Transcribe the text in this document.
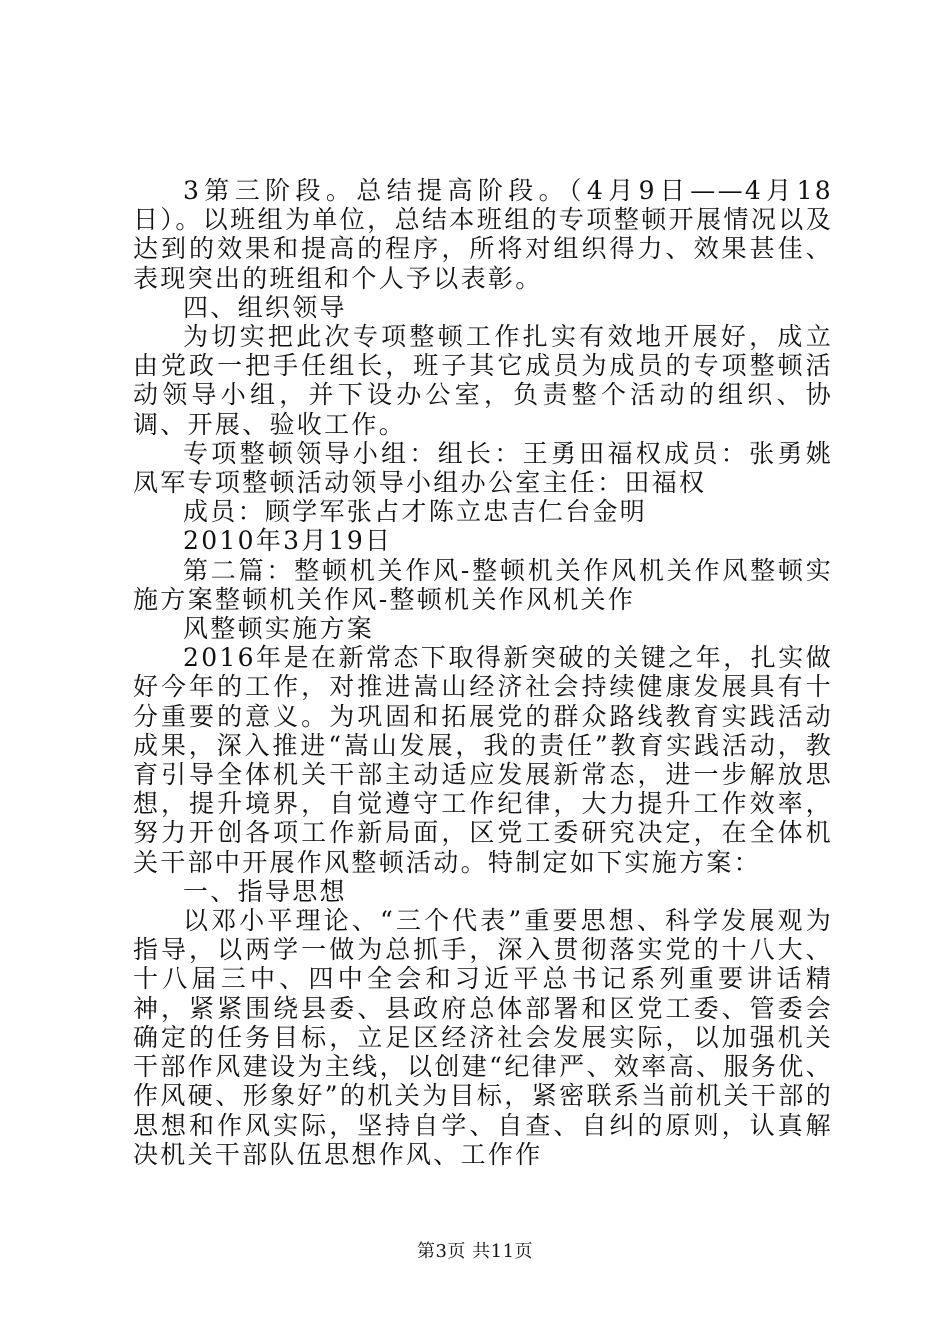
3第三阶段。总结提高阶段。（4月9日——4月18日）。以班组为单位，总结本班组的专项整顿开展情况以及达到的效果和提高的程序，所将对组织得力、效果甚佳、表现突出的班组和个人予以表彰。

四、组织领导

为切实把此次专项整顿工作扎实有效地开展好，成立由党政一把手任组长，班子其它成员为成员的专项整顿活动领导小组，并下设办公室，负责整个活动的组织、协调、开展、验收工作。

专项整顿领导小组：组长：王勇田福权成员：张勇姚凤军专项整顿活动领导小组办公室主任：田福权

成员：顾学军张占才陈立忠吉仁台金明

2010年3月19日

第二篇：整顿机关作风-整顿机关作风机关作风整顿实施方案整顿机关作风-整顿机关作风机关作

风整顿实施方案

2016年是在新常态下取得新突破的关键之年，扎实做好今年的工作，对推进嵩山经济社会持续健康发展具有十分重要的意义。为巩固和拓展党的群众路线教育实践活动成果，深入推进“嵩山发展，我的责任”教育实践活动，教育引导全体机关干部主动适应发展新常态，进一步解放思想，提升境界，自觉遵守工作纪律，大力提升工作效率，努力开创各项工作新局面，区党工委研究决定，在全体机关干部中开展作风整顿活动。特制定如下实施方案：

一、指导思想

以邓小平理论、“三个代表”重要思想、科学发展观为指导，以两学一做为总抓手，深入贯彻落实党的十八大、十八届三中、四中全会和习近平总书记系列重要讲话精神，紧紧围绕县委、县政府总体部署和区党工委、管委会确定的任务目标，立足区经济社会发展实际，以加强机关干部作风建设为主线，以创建“纪律严、效率高、服务优、作风硬、形象好”的机关为目标，紧密联系当前机关干部的思想和作风实际，坚持自学、自查、自纠的原则，认真解决机关干部队伍思想作风、工作作

第3页 共11页
